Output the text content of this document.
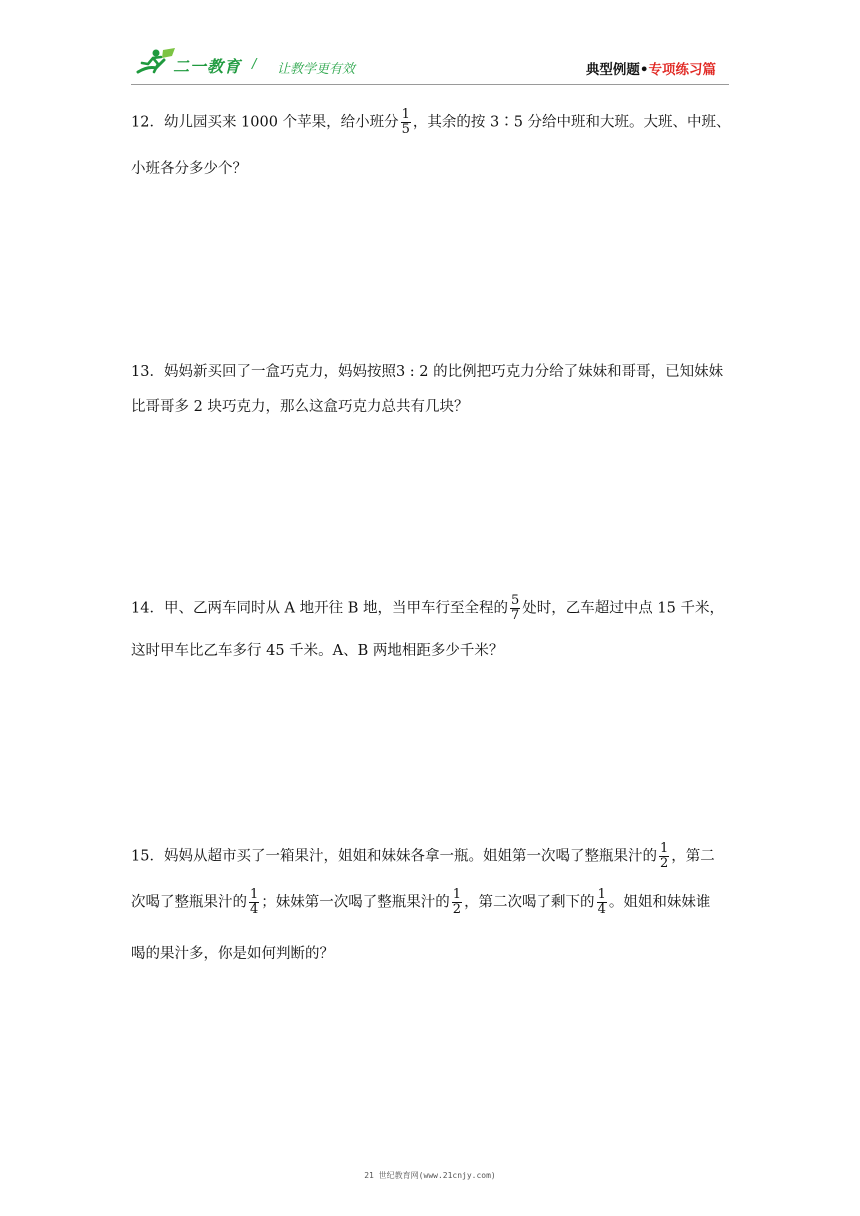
二一教育 / 让教学更有效	典型例题•专项练习篇
12．幼儿园买来 1000 个苹果，给小班分 $\frac{1}{5}$ ，其余的按 3∶5 分给中班和大班。大班、中班、
小班各分多少个？
13．妈妈新买回了一盒巧克力，妈妈按照3 : 2 的比例把巧克力分给了妹妹和哥哥，已知妹妹
比哥哥多 2 块巧克力，那么这盒巧克力总共有几块？
14．甲、乙两车同时从 A 地开往 B 地，当甲车行至全程的 $\frac{5}{7}$ 处时，乙车超过中点 15 千米，
这时甲车比乙车多行 45 千米。A、B 两地相距多少千米？
15．妈妈从超市买了一箱果汁，姐姐和妹妹各拿一瓶。姐姐第一次喝了整瓶果汁的 $\frac{1}{2}$ ，第二
次喝了整瓶果汁的 $\frac{1}{4}$ ；妹妹第一次喝了整瓶果汁的 $\frac{1}{2}$ ，第二次喝了剩下的 $\frac{1}{4}$ 。姐姐和妹妹谁
喝的果汁多，你是如何判断的？
21 世纪教育网(www.21cnjy.com)
